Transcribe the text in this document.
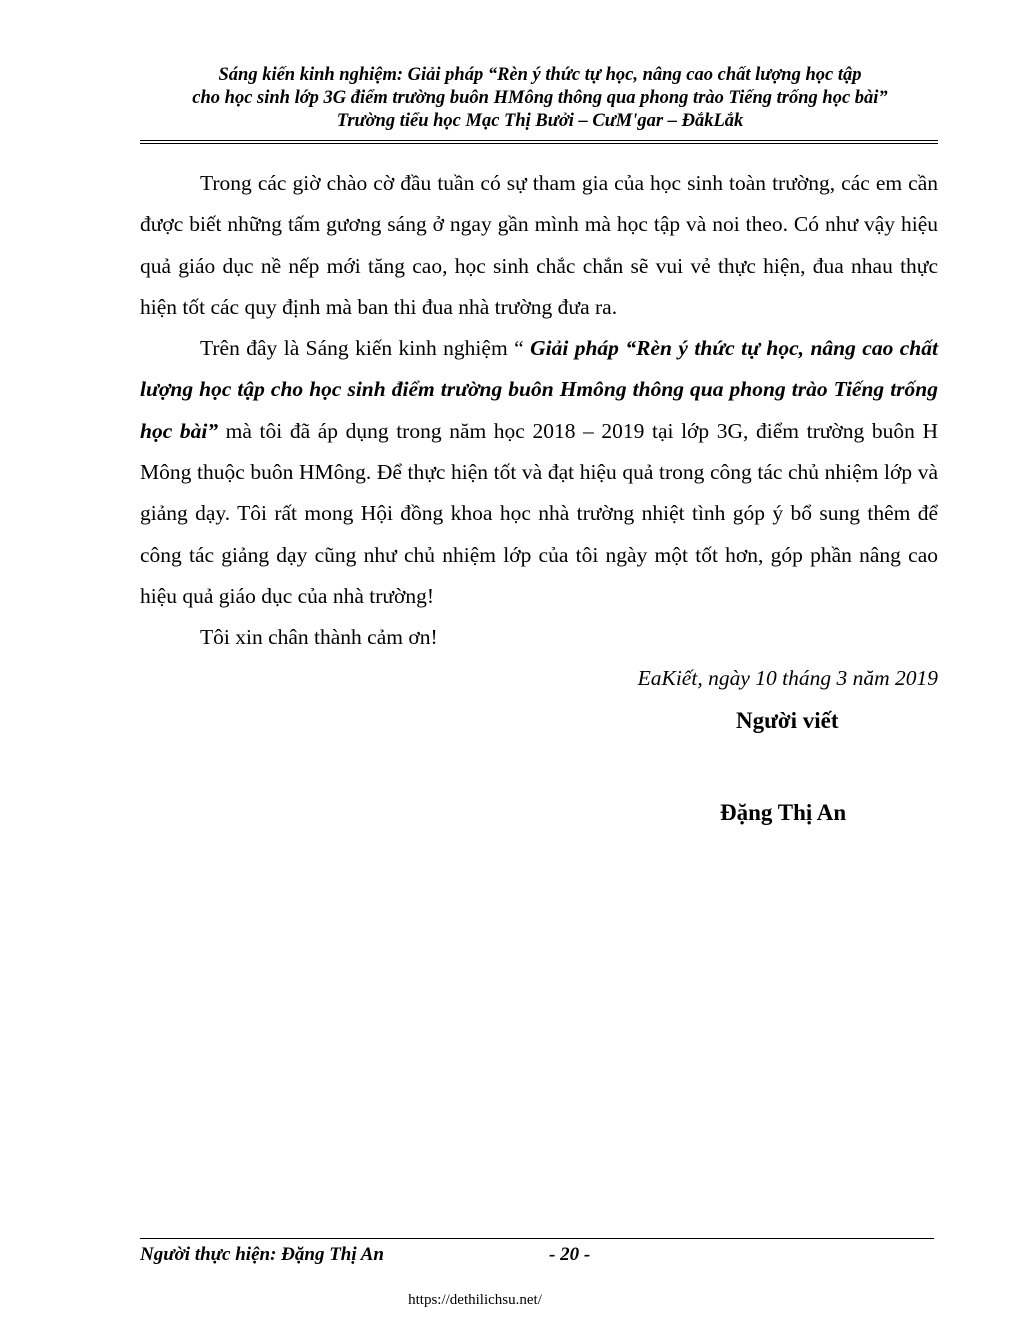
Sáng kiến kinh nghiệm: Giải pháp “Rèn ý thức tự học, nâng cao chất lượng học tập
cho học sinh lớp 3G điểm trường buôn HMông thông qua phong trào Tiếng trống học bài”
Trường tiểu học Mạc Thị Bưởi – CưM'gar – ĐắkLắk

Trong các giờ chào cờ đầu tuần có sự tham gia của học sinh toàn trường, các em cần được biết những tấm gương sáng ở ngay gần mình mà học tập và noi theo. Có như vậy hiệu quả giáo dục nề nếp mới tăng cao, học sinh chắc chắn sẽ vui vẻ thực hiện, đua nhau thực hiện tốt các quy định mà ban thi đua nhà trường đưa ra.

Trên đây là Sáng kiến kinh nghiệm “ Giải pháp “Rèn ý thức tự học, nâng cao chất lượng học tập cho học sinh điểm trường buôn Hmông thông qua phong trào Tiếng trống học bài” mà tôi đã áp dụng trong năm học 2018 – 2019 tại lớp 3G, điểm trường buôn H Mông thuộc buôn HMông. Để thực hiện tốt và đạt hiệu quả trong công tác chủ nhiệm lớp và giảng dạy. Tôi rất mong Hội đồng khoa học nhà trường nhiệt tình góp ý bổ sung thêm để công tác giảng dạy cũng như chủ nhiệm lớp của tôi ngày một tốt hơn, góp phần nâng cao hiệu quả giáo dục của nhà trường!

Tôi xin chân thành cảm ơn!

EaKiết, ngày 10 tháng 3 năm 2019
Người viết
Đặng Thị An
Người thực hiện: Đặng Thị An	- 20 -
https://dethilichsu.net/
